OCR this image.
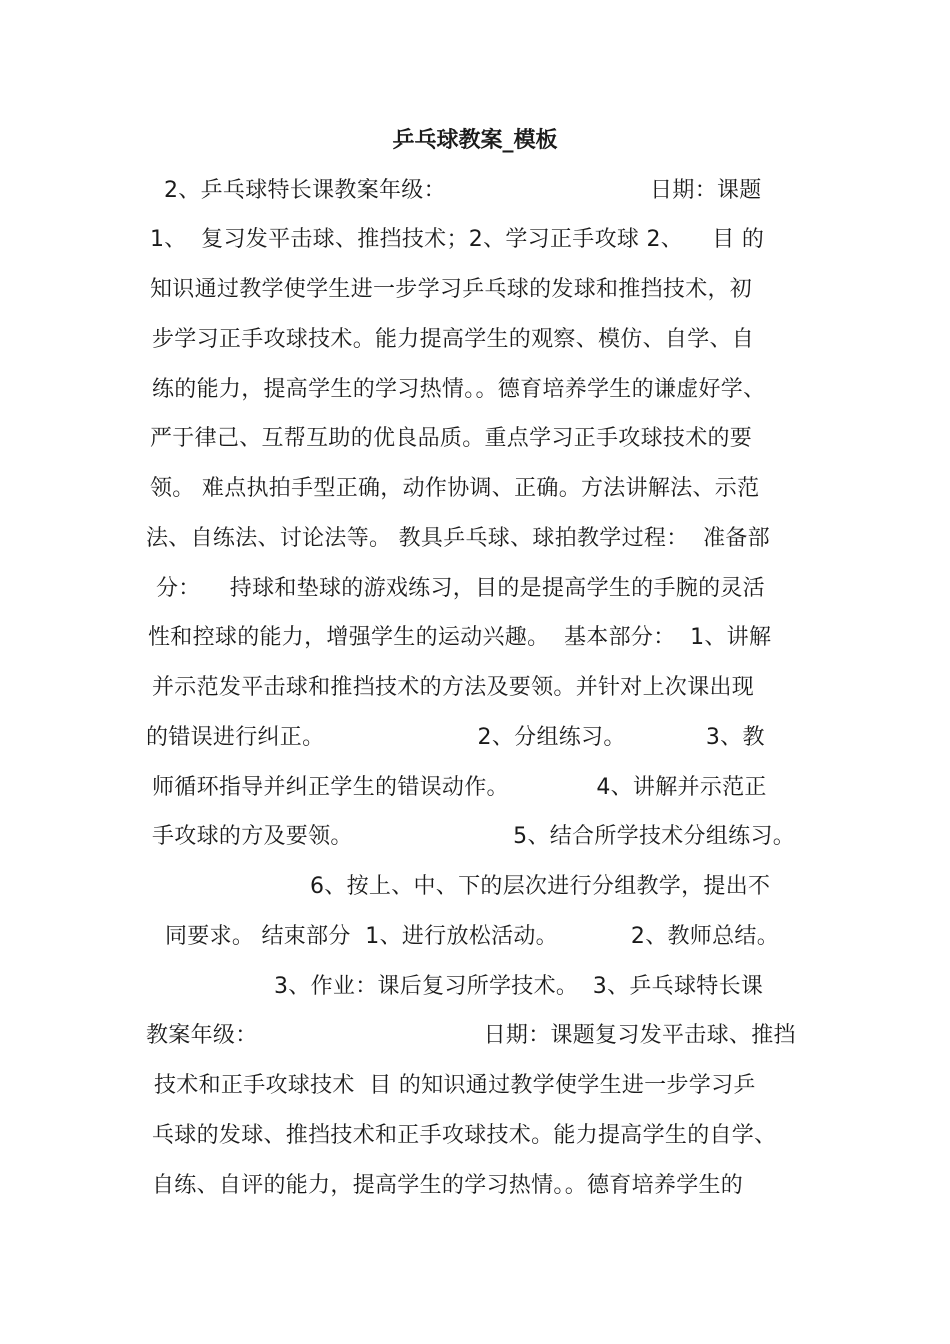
乒乓球教案_模板
2、乒乓球特长课教案年级：                            日期：课题
1、  复习发平击球、推挡技术；2、学习正手攻球 2、    目 的
知识通过教学使学生进一步学习乒乓球的发球和推挡技术，初
步学习正手攻球技术。能力提高学生的观察、模仿、自学、自
练的能力，提高学生的学习热情。。德育培养学生的谦虚好学、
严于律己、互帮互助的优良品质。重点学习正手攻球技术的要
领。 难点执拍手型正确，动作协调、正确。方法讲解法、示范
法、自练法、讨论法等。 教具乒乓球、球拍教学过程：  准备部
分：    持球和垫球的游戏练习，目的是提高学生的手腕的灵活
性和控球的能力，增强学生的运动兴趣。  基本部分：  1、讲解
并示范发平击球和推挡技术的方法及要领。并针对上次课出现
的错误进行纠正。                     2、分组练习。           3、教
师循环指导并纠正学生的错误动作。            4、讲解并示范正
手攻球的方及要领。                      5、结合所学技术分组练习。
6、按上、中、下的层次进行分组教学，提出不
同要求。 结束部分  1、进行放松活动。          2、教师总结。
3、作业：课后复习所学技术。  3、乒乓球特长课
教案年级：                               日期：课题复习发平击球、推挡
技术和正手攻球技术  目 的知识通过教学使学生进一步学习乒
乓球的发球、推挡技术和正手攻球技术。能力提高学生的自学、
自练、自评的能力，提高学生的学习热情。。德育培养学生的
